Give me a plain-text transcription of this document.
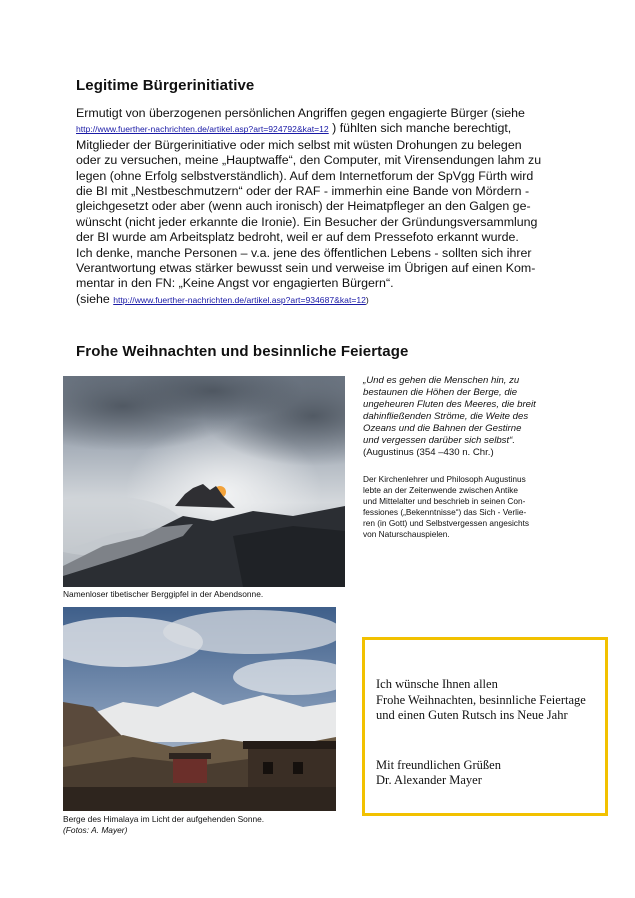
Legitime Bürgerinitiative
Ermutigt von überzogenen persönlichen Angriffen gegen engagierte Bürger (siehe
http://www.fuerther-nachrichten.de/artikel.asp?art=924792&kat=12 ) fühlten sich manche berechtigt,
Mitglieder der Bürgerinitiative oder mich selbst mit wüsten Drohungen zu belegen
oder zu versuchen, meine „Hauptwaffe“, den Computer, mit Virensendungen lahm zu
legen (ohne Erfolg selbstverständlich). Auf dem Internetforum der SpVgg Fürth wird
die BI mit „Nestbeschmutzern“ oder der RAF - immerhin eine Bande von Mördern -
gleichgesetzt oder aber (wenn auch ironisch) der Heimatpfleger an den Galgen ge-
wünscht (nicht jeder erkannte die Ironie). Ein Besucher der Gründungsversammlung
der BI wurde am Arbeitsplatz bedroht, weil er auf dem Pressefoto erkannt wurde.
Ich denke, manche Personen – v.a. jene des öffentlichen Lebens - sollten sich ihrer
Verantwortung etwas stärker bewusst sein und verweise im Übrigen auf einen Kom-
mentar in den FN: „Keine Angst vor engagierten Bürgern“.
(siehe http://www.fuerther-nachrichten.de/artikel.asp?art=934687&kat=12)
Frohe Weihnachten und besinnliche Feiertage
Namenloser tibetischer Berggipfel in der Abendsonne.
Berge des Himalaya im Licht der aufgehenden Sonne.
(Fotos: A. Mayer)
„Und es gehen die Menschen hin, zu
bestaunen die Höhen der Berge, die
ungeheuren Fluten des Meeres, die breit
dahinfließenden Ströme, die Weite des
Ozeans und die Bahnen der Gestirne
und vergessen darüber sich selbst“.
(Augustinus (354 –430 n. Chr.)
Der Kirchenlehrer und Philosoph Augustinus
lebte an der Zeitenwende zwischen Antike
und Mittelalter und beschrieb in seinen Con-
fessiones („Bekenntnisse“) das Sich - Verlie-
ren (in Gott) und Selbstvergessen angesichts
von Naturschauspielen.
Ich wünsche Ihnen allen
Frohe Weihnachten, besinnliche Feiertage
und einen Guten Rutsch ins Neue Jahr
Mit freundlichen Grüßen
Dr. Alexander Mayer
